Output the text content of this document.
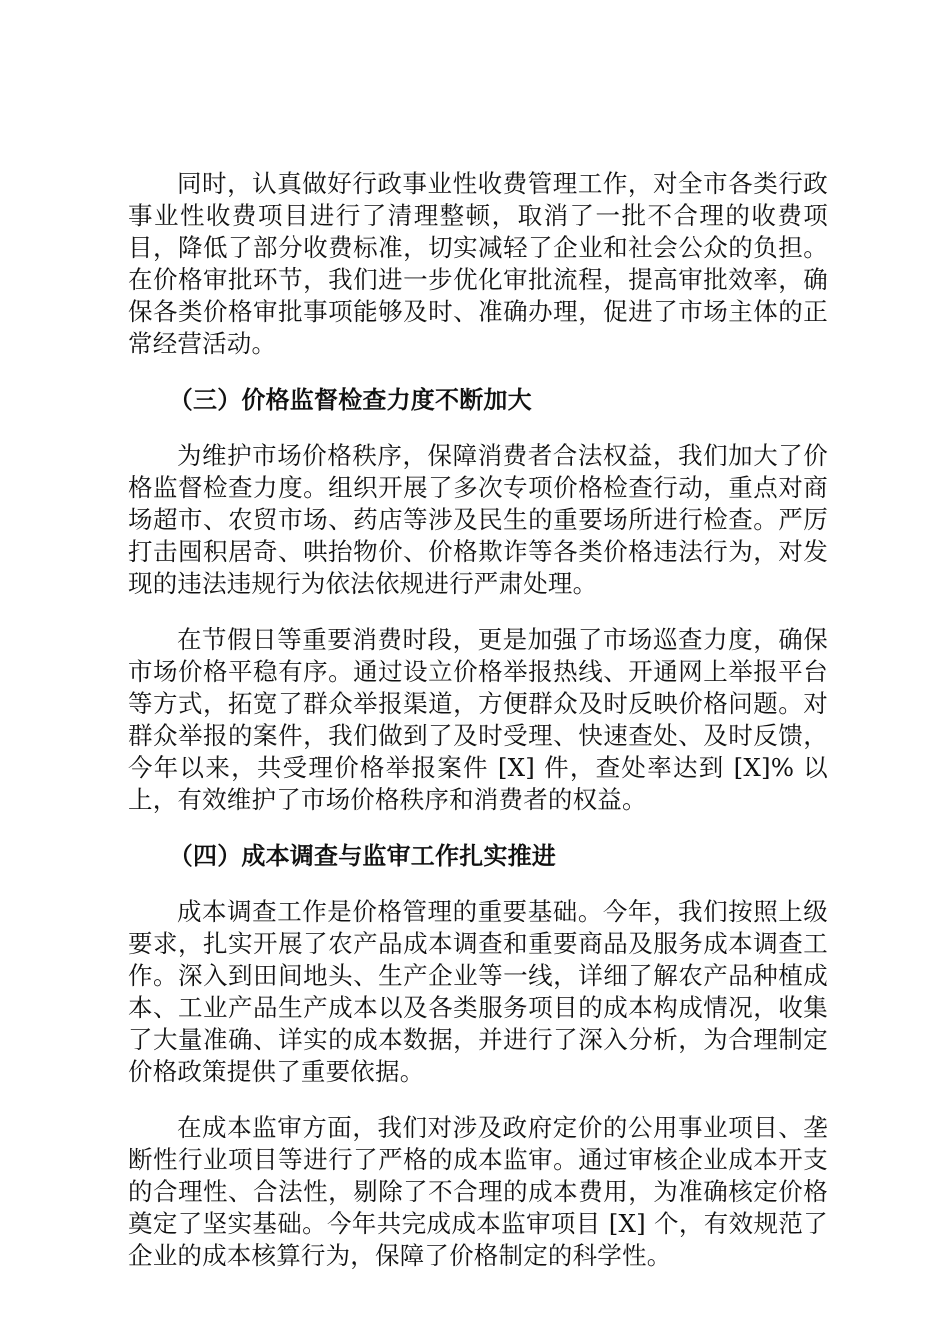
同时，认真做好行政事业性收费管理工作，对全市各类行政事业性收费项目进行了清理整顿，取消了一批不合理的收费项目，降低了部分收费标准，切实减轻了企业和社会公众的负担。在价格审批环节，我们进一步优化审批流程，提高审批效率，确保各类价格审批事项能够及时、准确办理，促进了市场主体的正常经营活动。

（三）价格监督检查力度不断加大

为维护市场价格秩序，保障消费者合法权益，我们加大了价格监督检查力度。组织开展了多次专项价格检查行动，重点对商场超市、农贸市场、药店等涉及民生的重要场所进行检查。严厉打击囤积居奇、哄抬物价、价格欺诈等各类价格违法行为，对发现的违法违规行为依法依规进行严肃处理。

在节假日等重要消费时段，更是加强了市场巡查力度，确保市场价格平稳有序。通过设立价格举报热线、开通网上举报平台等方式，拓宽了群众举报渠道，方便群众及时反映价格问题。对群众举报的案件，我们做到了及时受理、快速查处、及时反馈，今年以来，共受理价格举报案件 [X] 件，查处率达到 [X]% 以上，有效维护了市场价格秩序和消费者的权益。

（四）成本调查与监审工作扎实推进

成本调查工作是价格管理的重要基础。今年，我们按照上级要求，扎实开展了农产品成本调查和重要商品及服务成本调查工作。深入到田间地头、生产企业等一线，详细了解农产品种植成本、工业产品生产成本以及各类服务项目的成本构成情况，收集了大量准确、详实的成本数据，并进行了深入分析，为合理制定价格政策提供了重要依据。

在成本监审方面，我们对涉及政府定价的公用事业项目、垄断性行业项目等进行了严格的成本监审。通过审核企业成本开支的合理性、合法性，剔除了不合理的成本费用，为准确核定价格奠定了坚实基础。今年共完成成本监审项目 [X] 个，有效规范了企业的成本核算行为，保障了价格制定的科学性。
